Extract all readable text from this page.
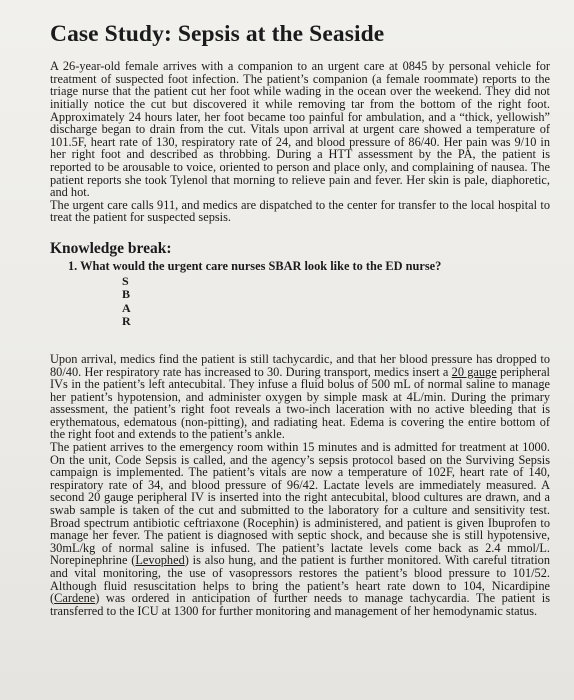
Case Study: Sepsis at the Seaside

A 26-year-old female arrives with a companion to an urgent care at 0845 by personal vehicle for treatment of suspected foot infection. The patient’s companion (a female roommate) reports to the triage nurse that the patient cut her foot while wading in the ocean over the weekend. They did not initially notice the cut but discovered it while removing tar from the bottom of the right foot. Approximately 24 hours later, her foot became too painful for ambulation, and a “thick, yellowish” discharge began to drain from the cut. Vitals upon arrival at urgent care showed a temperature of 101.5F, heart rate of 130, respiratory rate of 24, and blood pressure of 86/40. Her pain was 9/10 in her right foot and described as throbbing. During a HTT assessment by the PA, the patient is reported to be arousable to voice, oriented to person and place only, and complaining of nausea. The patient reports she took Tylenol that morning to relieve pain and fever. Her skin is pale, diaphoretic, and hot.

The urgent care calls 911, and medics are dispatched to the center for transfer to the local hospital to treat the patient for suspected sepsis.

Knowledge break:
1. What would the urgent care nurses SBAR look like to the ED nurse?
S
B
A
R

Upon arrival, medics find the patient is still tachycardic, and that her blood pressure has dropped to 80/40. Her respiratory rate has increased to 30. During transport, medics insert a 20 gauge peripheral IVs in the patient’s left antecubital. They infuse a fluid bolus of 500 mL of normal saline to manage her patient’s hypotension, and administer oxygen by simple mask at 4L/min. During the primary assessment, the patient’s right foot reveals a two-inch laceration with no active bleeding that is erythematous, edematous (non-pitting), and radiating heat. Edema is covering the entire bottom of the right foot and extends to the patient’s ankle.

The patient arrives to the emergency room within 15 minutes and is admitted for treatment at 1000. On the unit, Code Sepsis is called, and the agency’s sepsis protocol based on the Surviving Sepsis campaign is implemented. The patient’s vitals are now a temperature of 102F, heart rate of 140, respiratory rate of 34, and blood pressure of 96/42. Lactate levels are immediately measured. A second 20 gauge peripheral IV is inserted into the right antecubital, blood cultures are drawn, and a swab sample is taken of the cut and submitted to the laboratory for a culture and sensitivity test. Broad spectrum antibiotic ceftriaxone (Rocephin) is administered, and patient is given Ibuprofen to manage her fever. The patient is diagnosed with septic shock, and because she is still hypotensive, 30mL/kg of normal saline is infused. The patient’s lactate levels come back as 2.4 mmol/L. Norepinephrine (Levophed) is also hung, and the patient is further monitored. With careful titration and vital monitoring, the use of vasopressors restores the patient’s blood pressure to 101/52. Although fluid resuscitation helps to bring the patient’s heart rate down to 104, Nicardipine (Cardene) was ordered in anticipation of further needs to manage tachycardia. The patient is transferred to the ICU at 1300 for further monitoring and management of her hemodynamic status.
